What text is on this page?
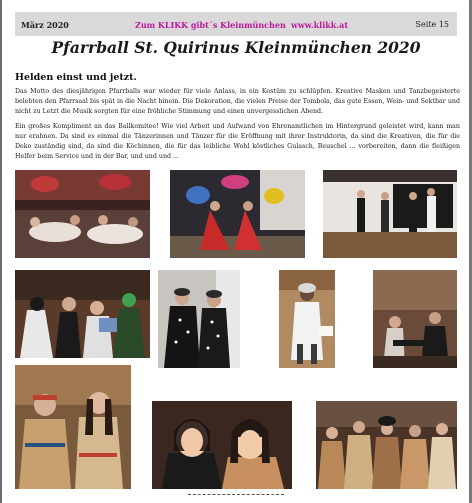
März 2020	Zum KLIKK gibt´s Kleinmünchen www.klikk.at	Seite 15
Pfarrball St. Quirinus Kleinmünchen 2020
Helden einst und jetzt.
Das Motto des diesjährigen Pfarrballs war wieder für viele Anlass, in ein Kostüm zu schlüpfen. Kreative Masken und Tanzbegeisterte belebten den Pfarrsaal bis spät in die Nacht hinein. Die Dekoration, die vielen Preise der Tombola, das gute Essen, Wein- und Sektbar und nicht zu Letzt die Musik sorgten für eine fröhliche Stimmung und einen unvergesslichen Abend.
Ein großes Kompliment an das Ballkomitee! Wie viel Arbeit und Aufwand von Ehrenamtlichen im Hintergrund geleistet wird, kann man nur erahnen. Da sind es einmal die Tänzerinnen und Tänzer für die Eröffnung mit ihrer Instruktorin, da sind die Kreativen, die für die Deko zuständig sind, da sind die Köchinnen, die für das leibliche Wohl köstliches Gulasch, Beuschel ... vorbereiten, dann die fleißigen Helfer beim Service und in der Bar, und und und ...
